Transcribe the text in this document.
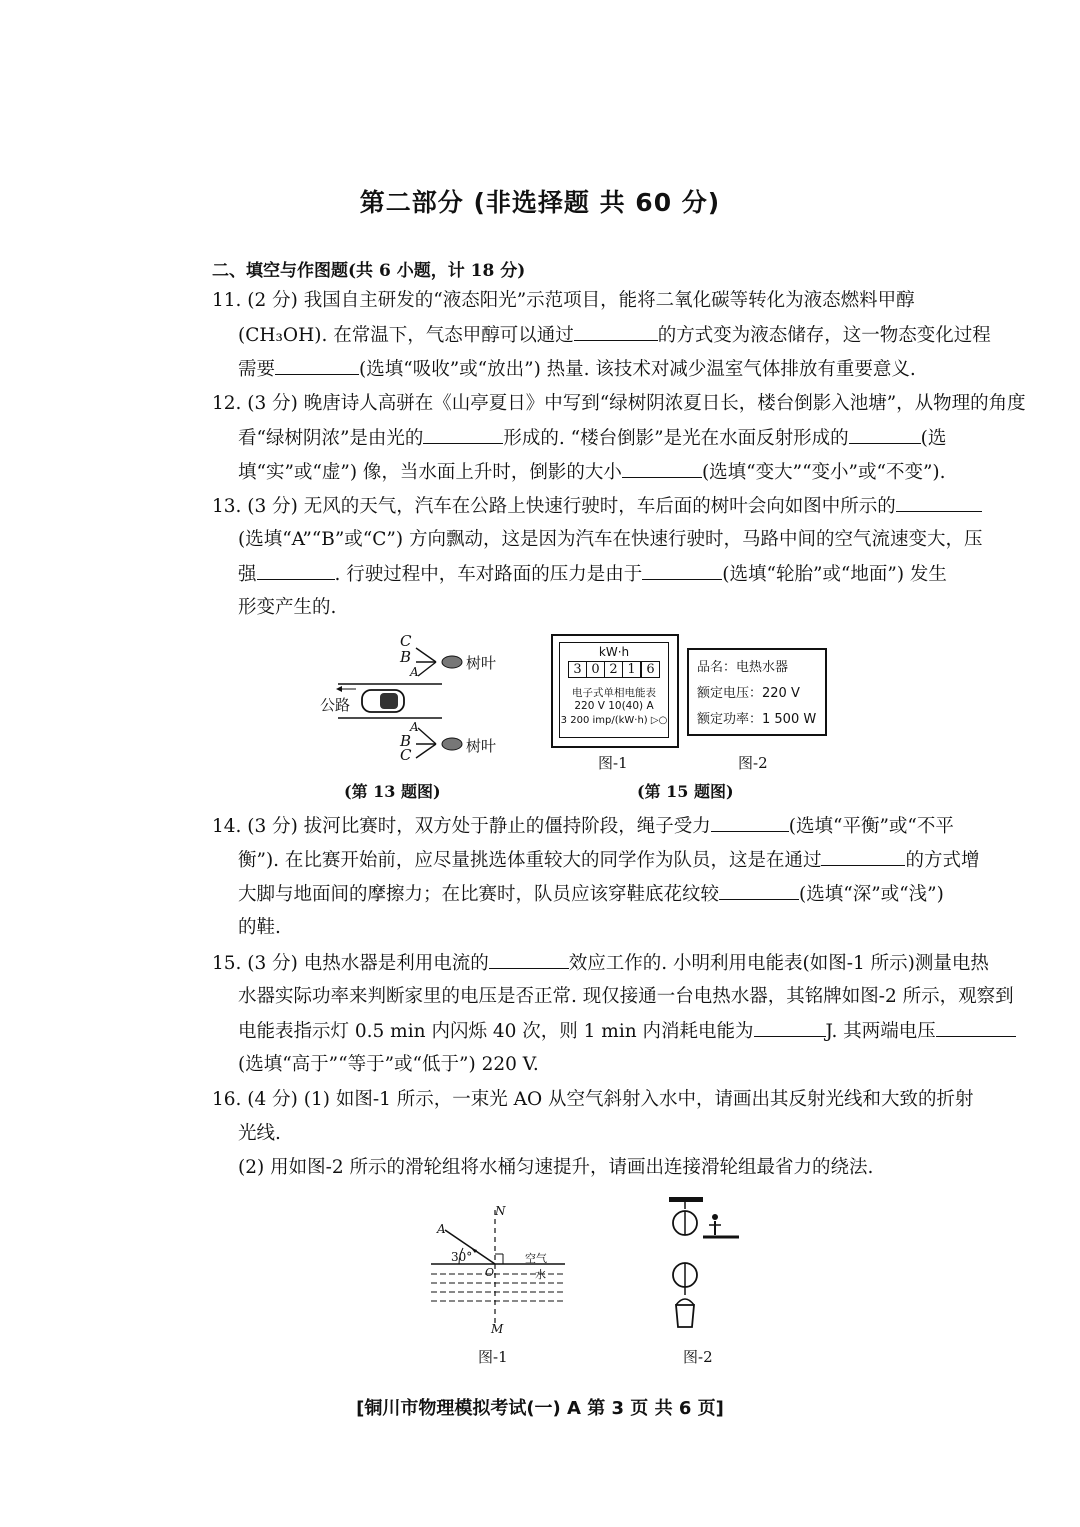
第二部分 (非选择题 共 60 分)
二、填空与作图题(共 6 小题，计 18 分)
11. (2 分) 我国自主研发的“液态阳光”示范项目，能将二氧化碳等转化为液态燃料甲醇
(CH₃OH). 在常温下，气态甲醇可以通过	的方式变为液态储存，这一物态变化过程
需要	(选填“吸收”或“放出”) 热量. 该技术对减少温室气体排放有重要意义.
12. (3 分) 晚唐诗人高骈在《山亭夏日》中写到“绿树阴浓夏日长，楼台倒影入池塘”，从物理的角度
看“绿树阴浓”是由光的	形成的. “楼台倒影”是光在水面反射形成的	(选
填“实”或“虚”) 像，当水面上升时，倒影的大小	(选填“变大”“变小”或“不变”).
13. (3 分) 无风的天气，汽车在公路上快速行驶时，车后面的树叶会向如图中所示的
(选填“A”“B”或“C”) 方向飘动，这是因为汽车在快速行驶时，马路中间的空气流速变大，压
强	. 行驶过程中，车对路面的压力是由于	(选填“轮胎”或“地面”) 发生
形变产生的.
C
B
A	树叶
公路
A
B
C	树叶
(第 13 题图)
kW·h
3 0 2 1 6
电子式单相电能表
220 V 10(40) A
3 200 imp/(kW·h) ▷○
图-1
品名：电热水器
额定电压：220 V
额定功率：1 500 W
图-2
(第 15 题图)
14. (3 分) 拔河比赛时，双方处于静止的僵持阶段，绳子受力	(选填“平衡”或“不平
衡”). 在比赛开始前，应尽量挑选体重较大的同学作为队员，这是在通过	的方式增
大脚与地面间的摩擦力；在比赛时，队员应该穿鞋底花纹较	(选填“深”或“浅”)
的鞋.
15. (3 分) 电热水器是利用电流的	效应工作的. 小明利用电能表(如图-1 所示)测量电热
水器实际功率来判断家里的电压是否正常. 现仅接通一台电热水器，其铭牌如图-2 所示，观察到
电能表指示灯 0.5 min 内闪烁 40 次，则 1 min 内消耗电能为	J. 其两端电压
(选填“高于”“等于”或“低于”) 220 V.
16. (4 分) (1) 如图-1 所示，一束光 AO 从空气斜射入水中，请画出其反射光线和大致的折射
光线.
(2) 用如图-2 所示的滑轮组将水桶匀速提升，请画出连接滑轮组最省力的绕法.
N
A
30°	空气
O	水
M
图-1	图-2
[铜川市物理模拟考试(一) A 第 3 页 共 6 页]
